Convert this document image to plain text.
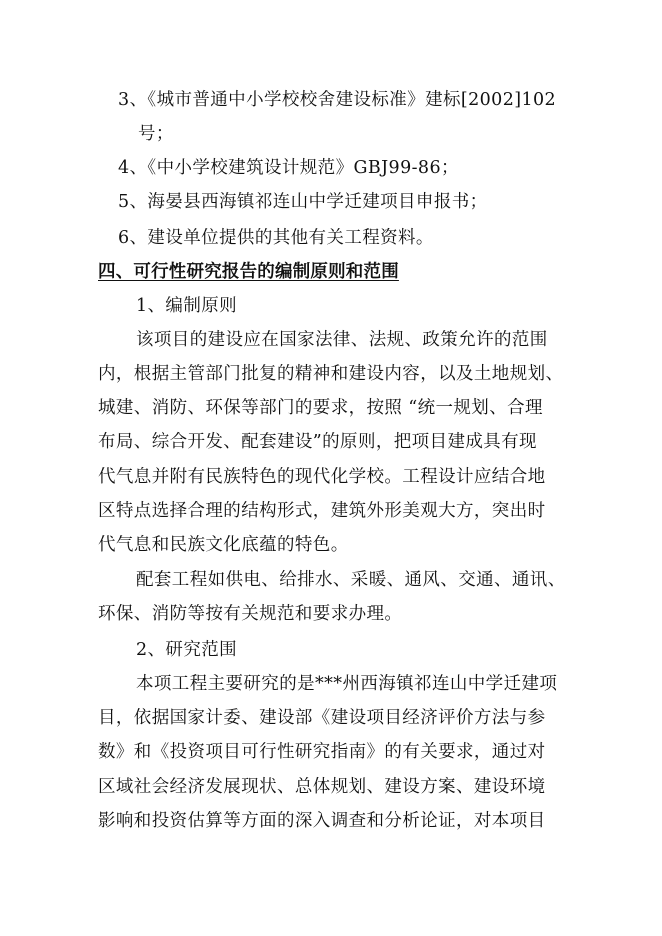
3、《城市普通中小学校校舍建设标准》建标[2002]102
号；
4、《中小学校建筑设计规范》GBJ99-86；
5、海晏县西海镇祁连山中学迁建项目申报书；
6、建设单位提供的其他有关工程资料。
四、可行性研究报告的编制原则和范围
1、编制原则
该项目的建设应在国家法律、法规、政策允许的范围
内，根据主管部门批复的精神和建设内容，以及土地规划、
城建、消防、环保等部门的要求，按照 “统一规划、合理
布局、综合开发、配套建设”的原则，把项目建成具有现
代气息并附有民族特色的现代化学校。工程设计应结合地
区特点选择合理的结构形式，建筑外形美观大方，突出时
代气息和民族文化底蕴的特色。
配套工程如供电、给排水、采暖、通风、交通、通讯、
环保、消防等按有关规范和要求办理。
2、研究范围
本项工程主要研究的是***州西海镇祁连山中学迁建项
目，依据国家计委、建设部《建设项目经济评价方法与参
数》和《投资项目可行性研究指南》的有关要求，通过对
区域社会经济发展现状、总体规划、建设方案、建设环境
影响和投资估算等方面的深入调查和分析论证，对本项目
